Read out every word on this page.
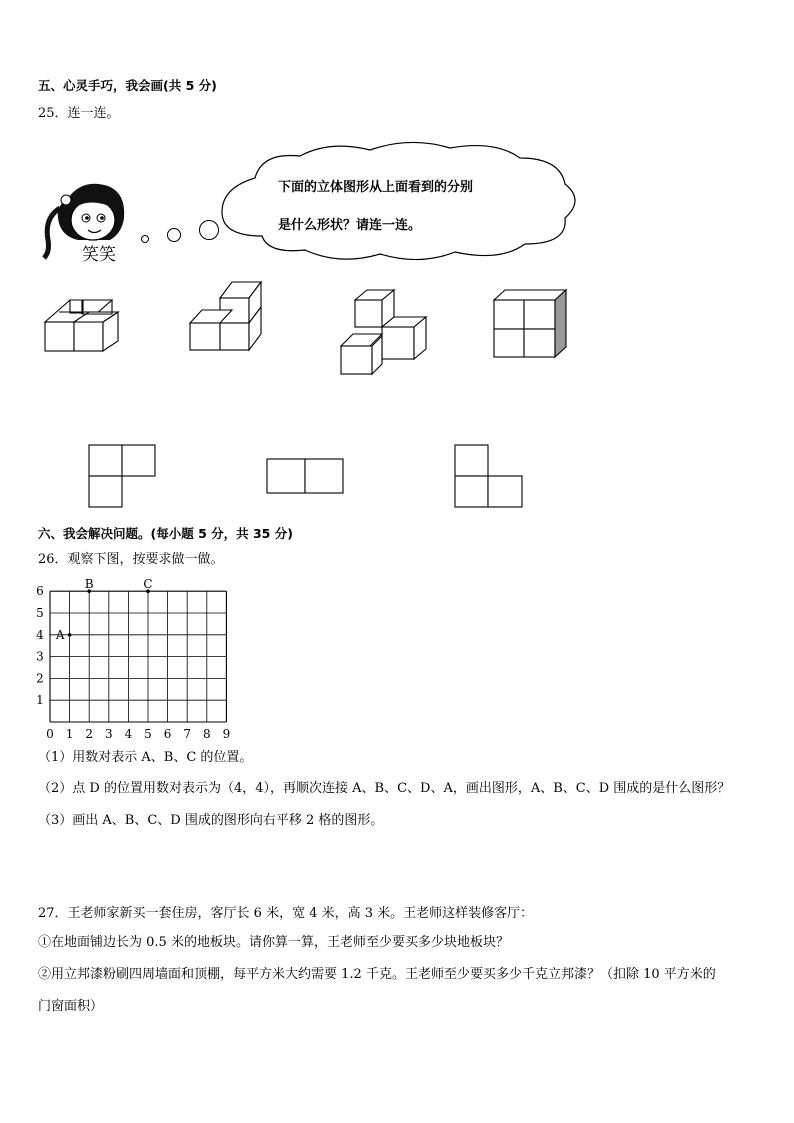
五、心灵手巧，我会画(共 5 分)
25．连一连。
笑笑
下面的立体图形从上面看到的分别
是什么形状？请连一连。
六、我会解决问题。(每小题 5 分，共 35 分)
26．观察下图，按要求做一做。
0 1 2 3 4 5 6 7 8 9
1
2
3
4
5
6
A
B	C
（1）用数对表示 A、B、C 的位置。
（2）点 D 的位置用数对表示为（4，4），再顺次连接 A、B、C、D、A，画出图形，A、B、C、D 围成的是什么图形？
（3）画出 A、B、C、D 围成的图形向右平移 2 格的图形。
27．王老师家新买一套住房，客厅长 6 米，宽 4 米，高 3 米。王老师这样装修客厅：
①在地面铺边长为 0.5 米的地板块。请你算一算，王老师至少要买多少块地板块？
②用立邦漆粉刷四周墙面和顶棚，每平方米大约需要 1.2 千克。王老师至少要买多少千克立邦漆？（扣除 10 平方米的
门窗面积）
